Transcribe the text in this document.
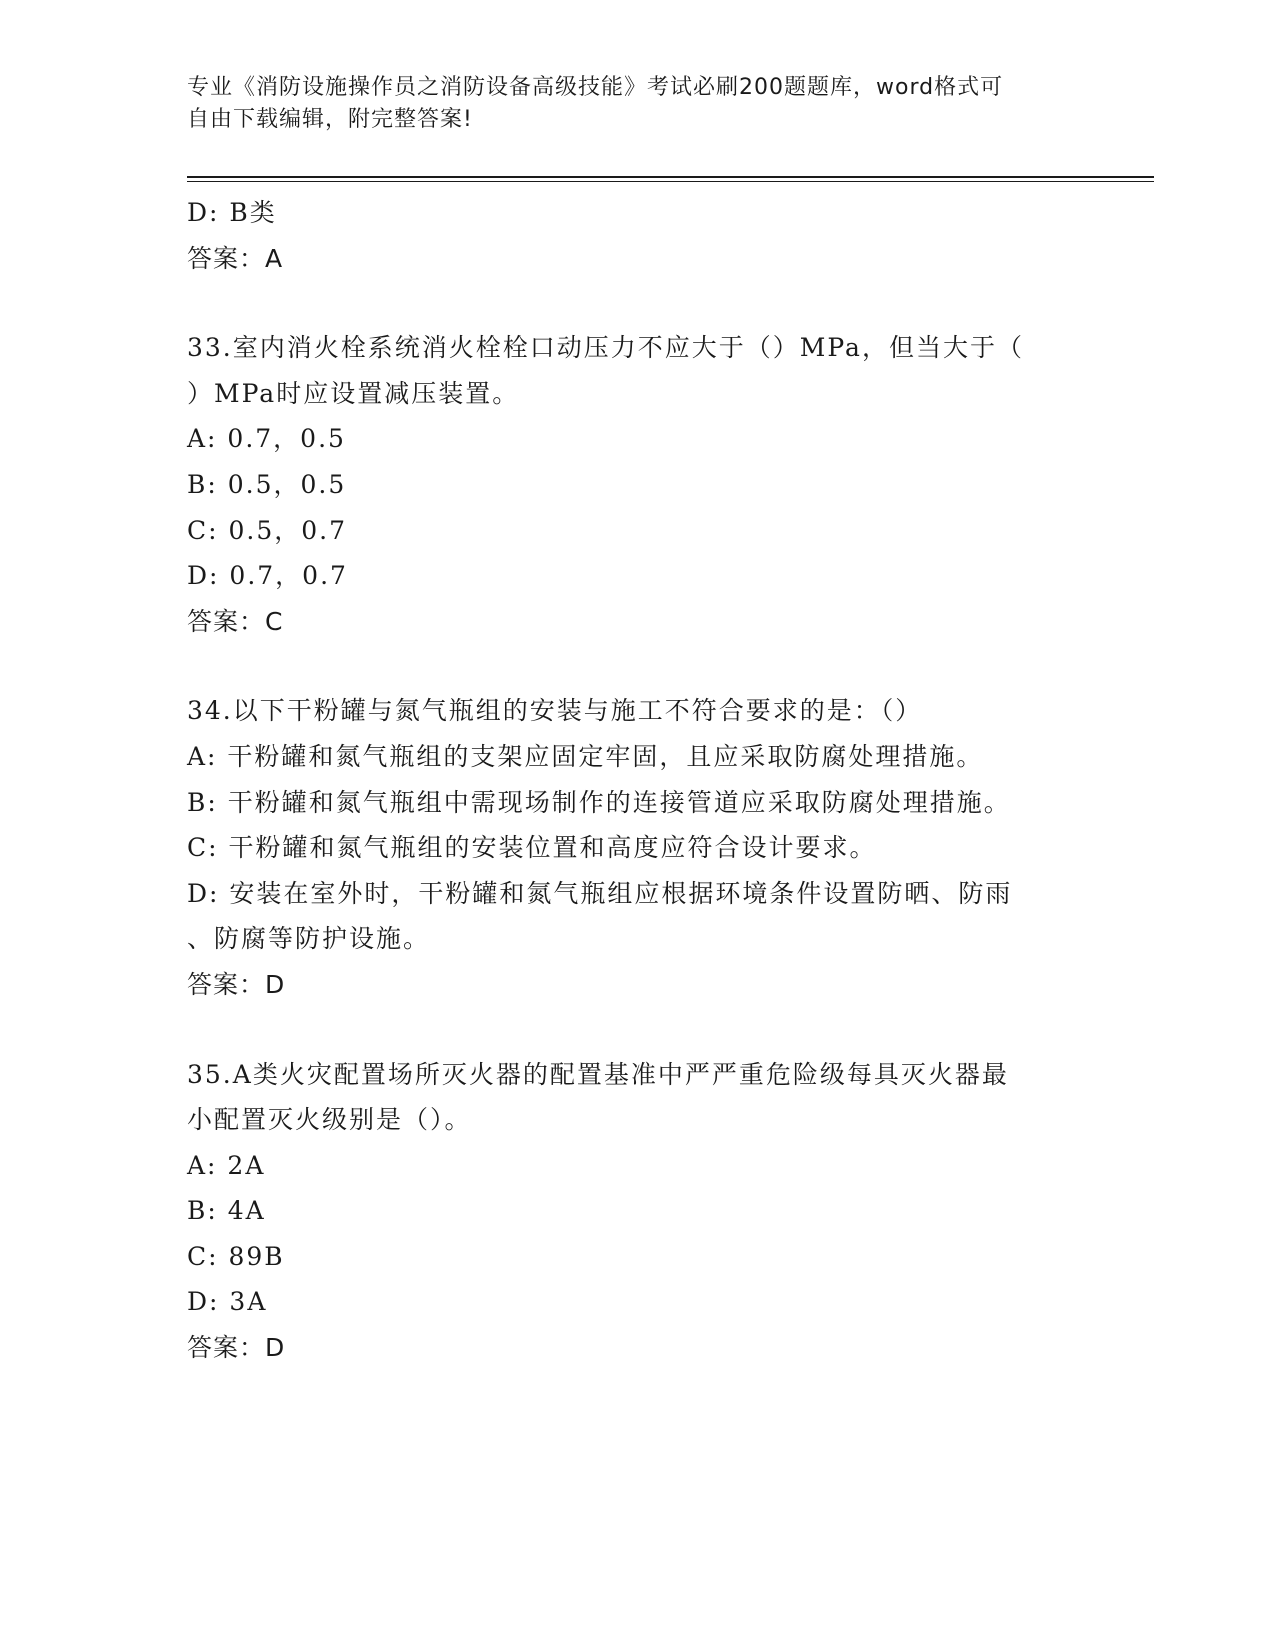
专业《消防设施操作员之消防设备高级技能》考试必刷200题题库，word格式可
自由下载编辑，附完整答案!
D: B类
答案：A
33.室内消火栓系统消火栓栓口动压力不应大于（）MPa，但当大于（
）MPa时应设置减压装置。
A: 0.7，0.5
B: 0.5，0.5
C: 0.5，0.7
D: 0.7，0.7
答案：C
34.以下干粉罐与氮气瓶组的安装与施工不符合要求的是：（）
A: 干粉罐和氮气瓶组的支架应固定牢固，且应采取防腐处理措施。
B: 干粉罐和氮气瓶组中需现场制作的连接管道应采取防腐处理措施。
C: 干粉罐和氮气瓶组的安装位置和高度应符合设计要求。
D: 安装在室外时，干粉罐和氮气瓶组应根据环境条件设置防晒、防雨
、防腐等防护设施。
答案：D
35.A类火灾配置场所灭火器的配置基准中严严重危险级每具灭火器最
小配置灭火级别是（）。
A: 2A
B: 4A
C: 89B
D: 3A
答案：D
